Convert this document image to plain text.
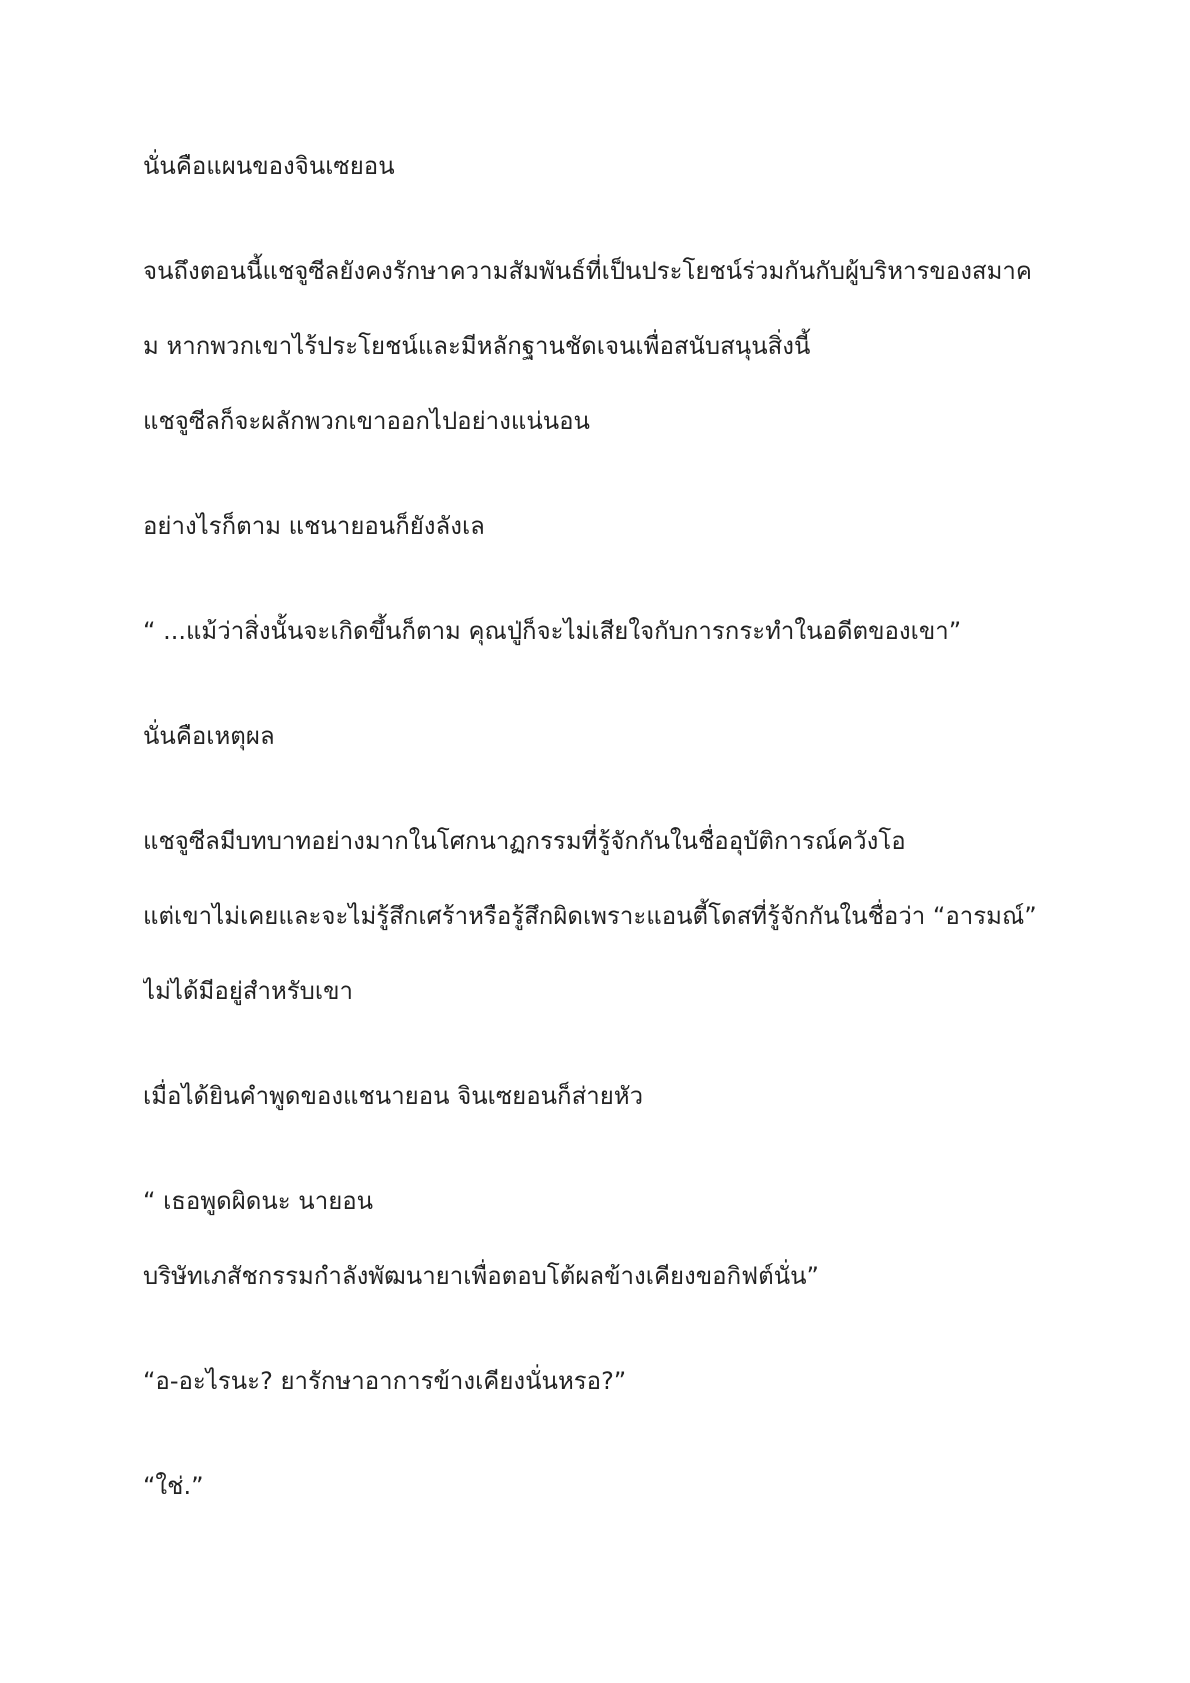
นั่นคือแผนของจินเซยอน
จนถึงตอนนี้แชจูซีลยังคงรักษาความสัมพันธ์ที่เป็นประโยชน์ร่วมกันกับผู้บริหารของสมาค
ม หากพวกเขาไร้ประโยชน์และมีหลักฐานชัดเจนเพื่อสนับสนุนสิ่งนี้
แชจูซีลก็จะผลักพวกเขาออกไปอย่างแน่นอน
อย่างไรก็ตาม แชนายอนก็ยังลังเล
“ ...แม้ว่าสิ่งนั้นจะเกิดขึ้นก็ตาม คุณปู่ก็จะไม่เสียใจกับการกระทำในอดีตของเขา”
นั่นคือเหตุผล
แชจูซีลมีบทบาทอย่างมากในโศกนาฏกรรมที่รู้จักกันในชื่ออุบัติการณ์ควังโอ
แต่เขาไม่เคยและจะไม่รู้สึกเศร้าหรือรู้สึกผิดเพราะแอนตี้โดสที่รู้จักกันในชื่อว่า “อารมณ์”
ไม่ได้มีอยู่สำหรับเขา
เมื่อได้ยินคำพูดของแชนายอน จินเซยอนก็ส่ายหัว
“ เธอพูดผิดนะ นายอน
บริษัทเภสัชกรรมกำลังพัฒนายาเพื่อตอบโต้ผลข้างเคียงขอกิฟต์นั่น”
“อ-อะไรนะ? ยารักษาอาการข้างเคียงนั่นหรอ?”
“ใช่.”
